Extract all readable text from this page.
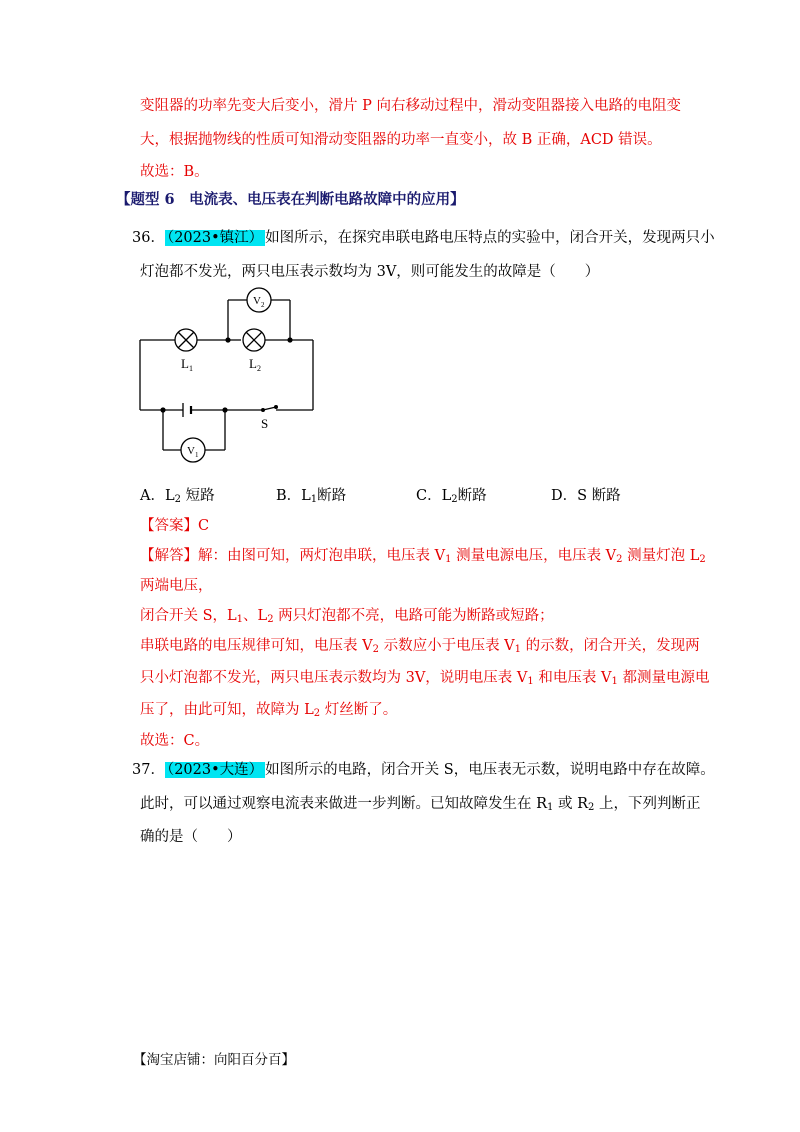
变阻器的功率先变大后变小，滑片 P 向右移动过程中，滑动变阻器接入电路的电阻变
大，根据抛物线的性质可知滑动变阻器的功率一直变小，故 B 正确，ACD 错误。
故选：B。
【题型 6　电流表、电压表在判断电路故障中的应用】
36． （2023•镇江） 如图所示，在探究串联电路电压特点的实验中，闭合开关，发现两只小
灯泡都不发光，两只电压表示数均为 3V，则可能发生的故障是（　　）
$L_1$	$L_2$
$V_2$
$V_1$
S
A．$L_2$ 短路	B．$L_1$断路	C．$L_2$断路	D．S 断路
【答案】C
【解答】解：由图可知，两灯泡串联，电压表 $V_1$ 测量电源电压，电压表 $V_2$ 测量灯泡 $L_2$
两端电压，
闭合开关 S，$L_1$、$L_2$ 两只灯泡都不亮，电路可能为断路或短路；
串联电路的电压规律可知，电压表 $V_2$ 示数应小于电压表 $V_1$ 的示数，闭合开关，发现两
只小灯泡都不发光，两只电压表示数均为 3V，说明电压表 $V_1$ 和电压表 $V_1$ 都测量电源电
压了，由此可知，故障为 $L_2$ 灯丝断了。
故选：C。
37． （2023•大连） 如图所示的电路，闭合开关 S，电压表无示数，说明电路中存在故障。
此时，可以通过观察电流表来做进一步判断。已知故障发生在 $R_1$ 或 $R_2$ 上，下列判断正
确的是（　　）
【淘宝店铺：向阳百分百】
